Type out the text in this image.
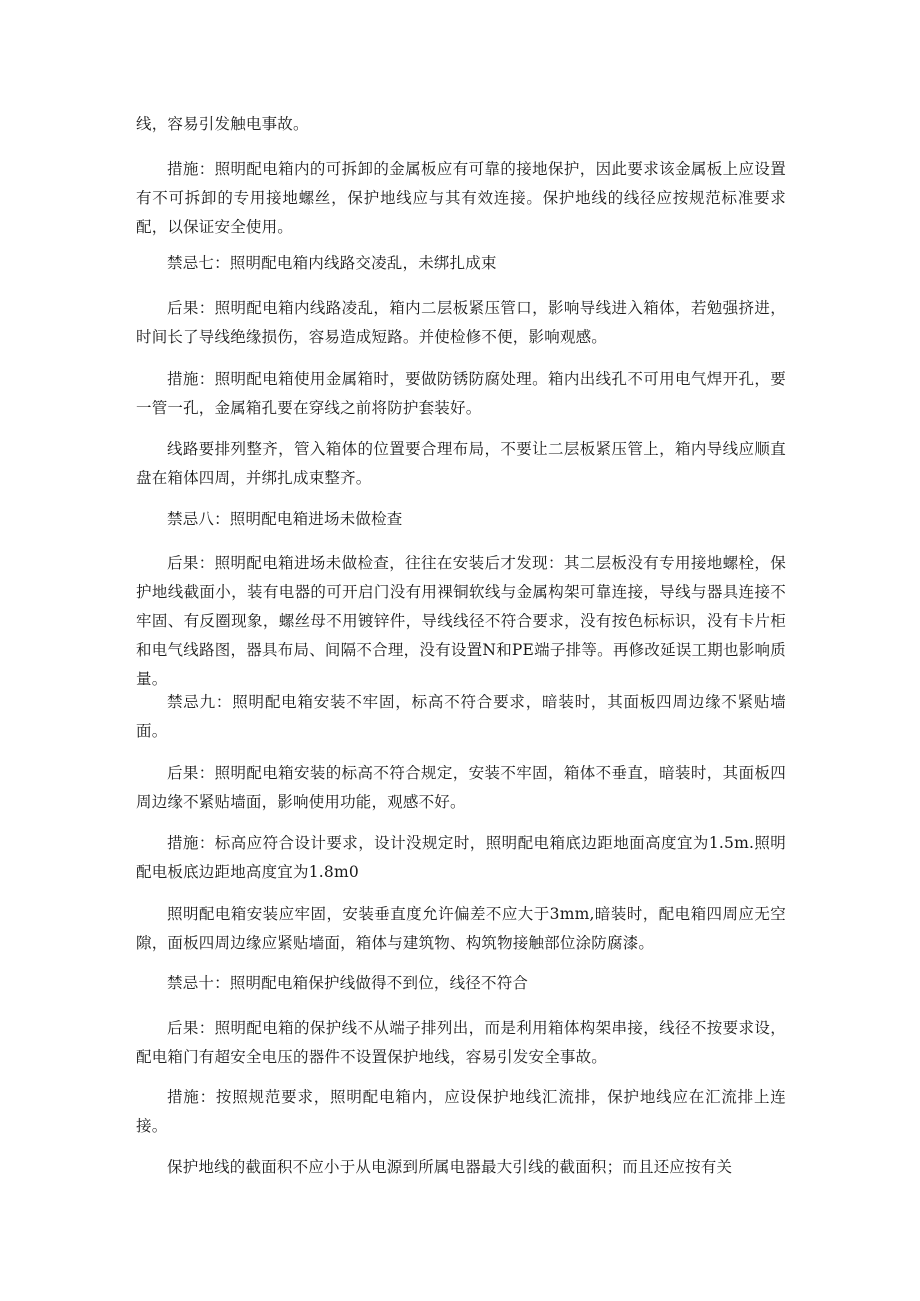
线，容易引发触电事故。

措施：照明配电箱内的可拆卸的金属板应有可靠的接地保护，因此要求该金属板上应设置有不可拆卸的专用接地螺丝，保护地线应与其有效连接。保护地线的线径应按规范标准要求配，以保证安全使用。

禁忌七：照明配电箱内线路交凌乱，未绑扎成束

后果：照明配电箱内线路凌乱，箱内二层板紧压管口，影响导线进入箱体，若勉强挤进，时间长了导线绝缘损伤，容易造成短路。并使检修不便，影响观感。

措施：照明配电箱使用金属箱时，要做防锈防腐处理。箱内出线孔不可用电气焊开孔，要一管一孔，金属箱孔要在穿线之前将防护套装好。

线路要排列整齐，管入箱体的位置要合理布局，不要让二层板紧压管上，箱内导线应顺直盘在箱体四周，并绑扎成束整齐。

禁忌八：照明配电箱进场未做检查

后果：照明配电箱进场未做检查，往往在安装后才发现：其二层板没有专用接地螺栓，保护地线截面小，装有电器的可开启门没有用裸铜软线与金属构架可靠连接，导线与器具连接不牢固、有反圈现象，螺丝母不用镀锌件，导线线径不符合要求，没有按色标标识，没有卡片柜和电气线路图，器具布局、间隔不合理，没有设置N和PE端子排等。再修改延误工期也影响质量。

禁忌九：照明配电箱安装不牢固，标高不符合要求，暗装时，其面板四周边缘不紧贴墙面。

后果：照明配电箱安装的标高不符合规定，安装不牢固，箱体不垂直，暗装时，其面板四周边缘不紧贴墙面，影响使用功能，观感不好。

措施：标高应符合设计要求，设计没规定时，照明配电箱底边距地面高度宜为1.5m.照明配电板底边距地高度宜为1.8m0

照明配电箱安装应牢固，安装垂直度允许偏差不应大于3mm,暗装时，配电箱四周应无空隙，面板四周边缘应紧贴墙面，箱体与建筑物、构筑物接触部位涂防腐漆。

禁忌十：照明配电箱保护线做得不到位，线径不符合

后果：照明配电箱的保护线不从端子排列出，而是利用箱体构架串接，线径不按要求设，配电箱门有超安全电压的器件不设置保护地线，容易引发安全事故。

措施：按照规范要求，照明配电箱内，应设保护地线汇流排，保护地线应在汇流排上连接。

保护地线的截面积不应小于从电源到所属电器最大引线的截面积；而且还应按有关
